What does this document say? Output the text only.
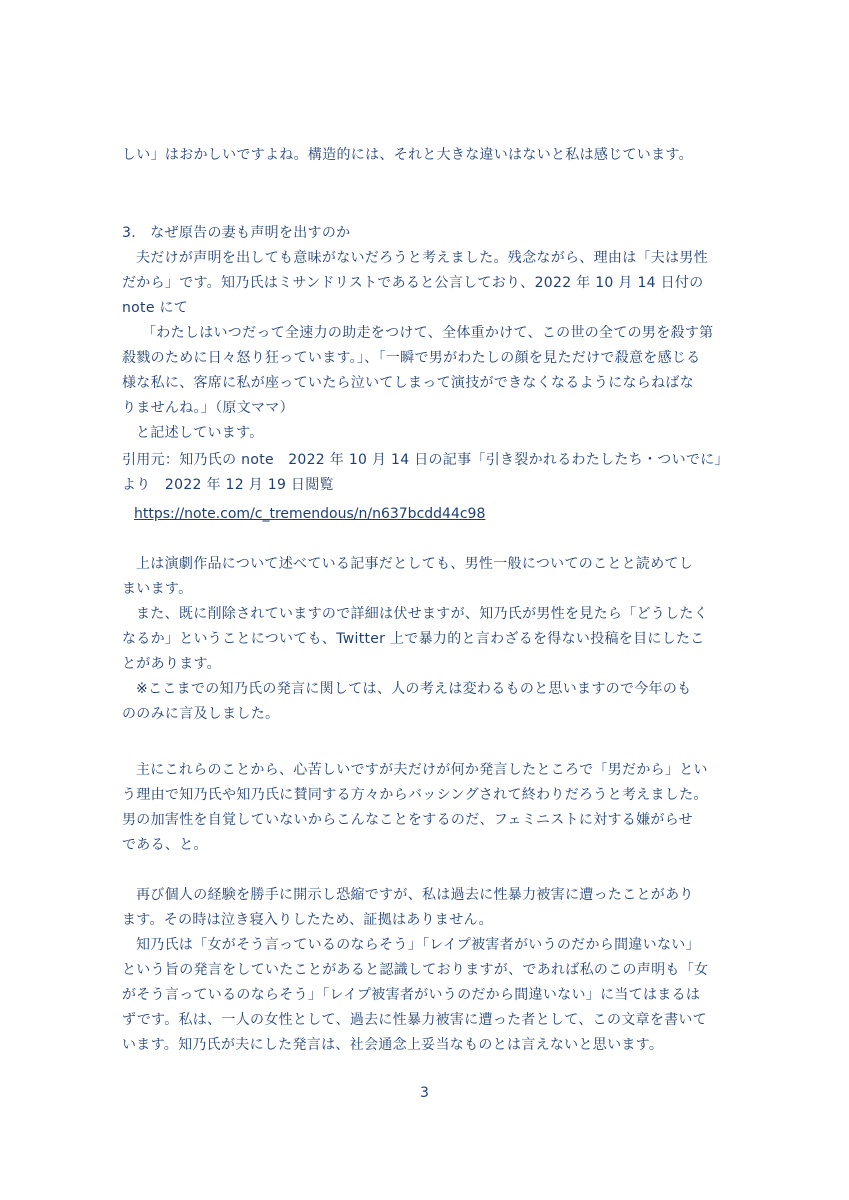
しい」はおかしいですよね。構造的には、それと大きな違いはないと私は感じています。
3.　なぜ原告の妻も声明を出すのか
夫だけが声明を出しても意味がないだろうと考えました。残念ながら、理由は「夫は男性
だから」です。知乃氏はミサンドリストであると公言しており、2022 年 10 月 14 日付の
note にて
「わたしはいつだって全速力の助走をつけて、全体重かけて、この世の全ての男を殺す第
殺戮のために日々怒り狂っています。」、「一瞬で男がわたしの顔を見ただけで殺意を感じる
様な私に、客席に私が座っていたら泣いてしまって演技ができなくなるようにならねばな
りませんね。」（原文ママ）
と記述しています。
引用元：知乃氏の note　2022 年 10 月 14 日の記事「引き裂かれるわたしたち・ついでに」
より　2022 年 12 月 19 日閲覧
https://note.com/c_tremendous/n/n637bcdd44c98
上は演劇作品について述べている記事だとしても、男性一般についてのことと読めてし
まいます。
また、既に削除されていますので詳細は伏せますが、知乃氏が男性を見たら「どうしたく
なるか」ということについても、Twitter 上で暴力的と言わざるを得ない投稿を目にしたこ
とがあります。
※ここまでの知乃氏の発言に関しては、人の考えは変わるものと思いますので今年のも
ののみに言及しました。
主にこれらのことから、心苦しいですが夫だけが何か発言したところで「男だから」とい
う理由で知乃氏や知乃氏に賛同する方々からバッシングされて終わりだろうと考えました。
男の加害性を自覚していないからこんなことをするのだ、フェミニストに対する嫌がらせ
である、と。
再び個人の経験を勝手に開示し恐縮ですが、私は過去に性暴力被害に遭ったことがあり
ます。その時は泣き寝入りしたため、証拠はありません。
知乃氏は「女がそう言っているのならそう」「レイプ被害者がいうのだから間違いない」
という旨の発言をしていたことがあると認識しておりますが、であれば私のこの声明も「女
がそう言っているのならそう」「レイプ被害者がいうのだから間違いない」に当てはまるは
ずです。私は、一人の女性として、過去に性暴力被害に遭った者として、この文章を書いて
います。知乃氏が夫にした発言は、社会通念上妥当なものとは言えないと思います。
3
